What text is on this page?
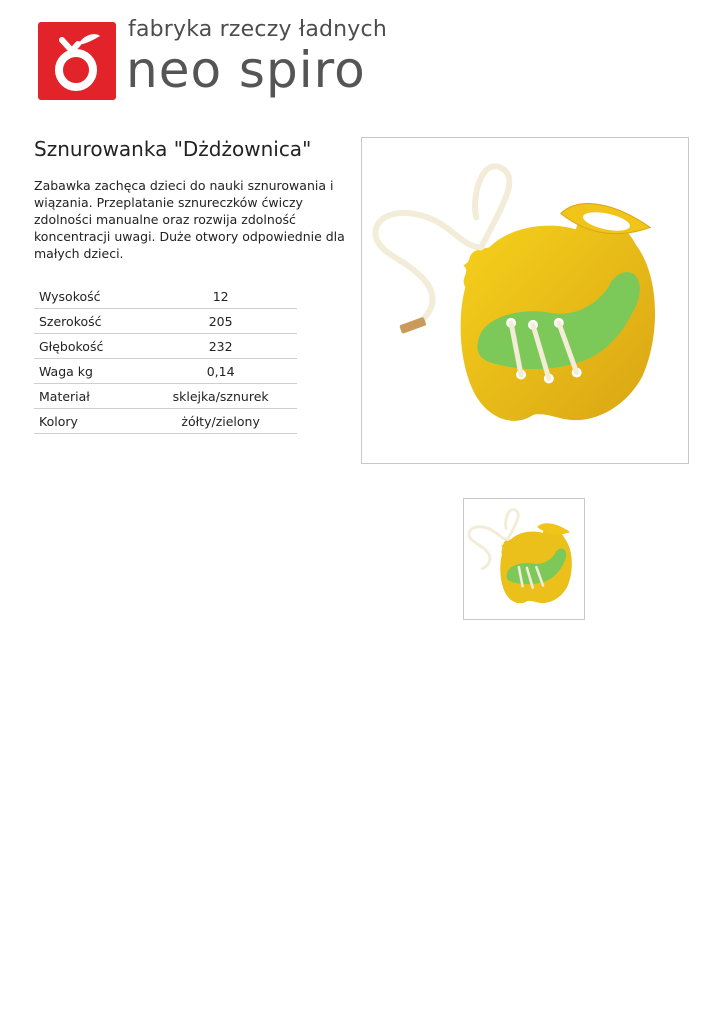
fabryka rzeczy ładnych
neo spiro
Sznurowanka "Dżdżownica"
Zabawka zachęca dzieci do nauki sznurowania i wiązania. Przeplatanie sznureczków ćwiczy zdolności manualne oraz rozwija zdolność koncentracji uwagi. Duże otwory odpowiednie dla małych dzieci.
Wysokość	12
Szerokość	205
Głębokość	232
Waga kg	0,14
Materiał	sklejka/sznurek
Kolory	żółty/zielony
